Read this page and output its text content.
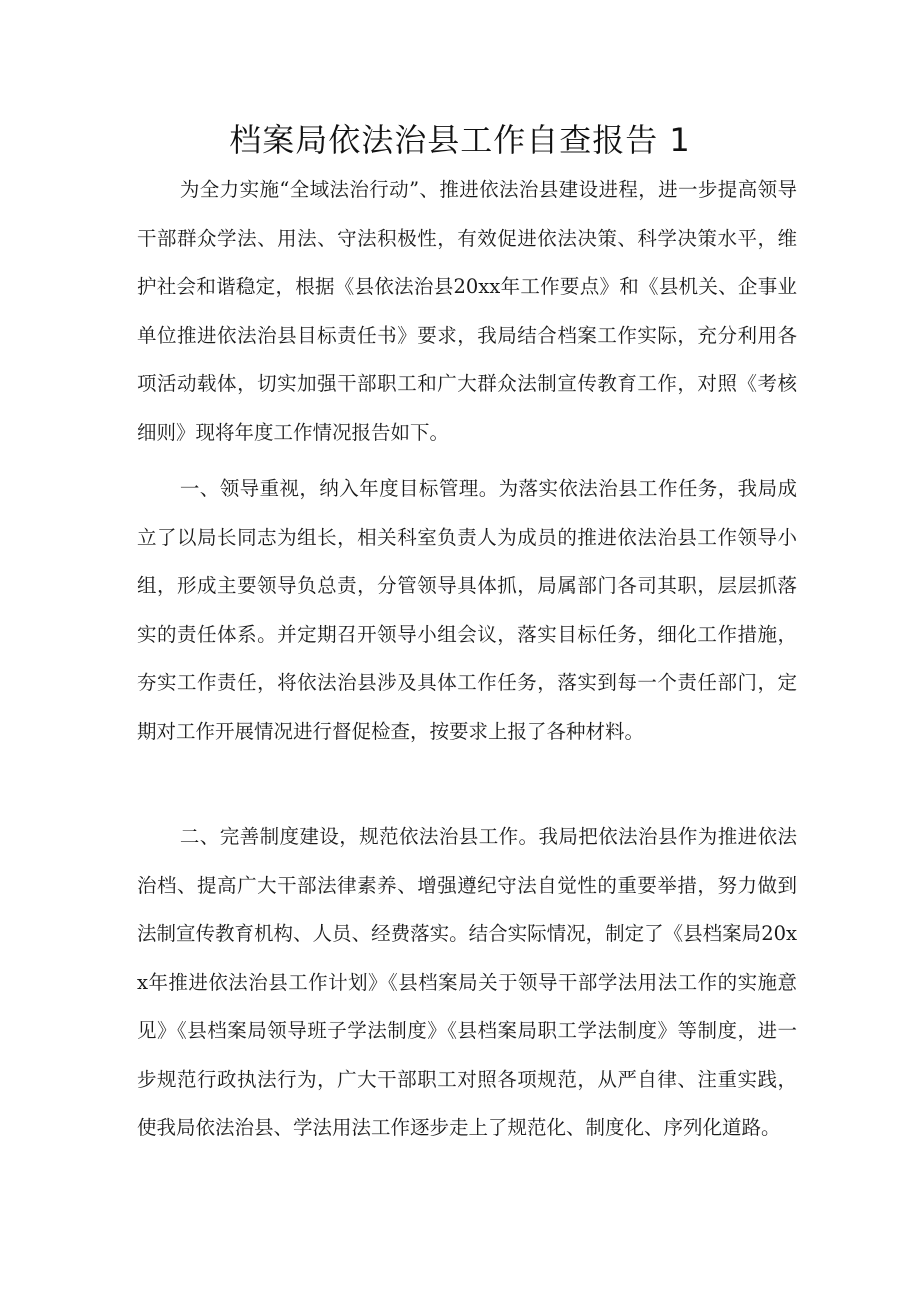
档案局依法治县工作自查报告 1

为全力实施“全域法治行动”、推进依法治县建设进程，进一步提高领导干部群众学法、用法、守法积极性，有效促进依法决策、科学决策水平，维护社会和谐稳定，根据《县依法治县20xx年工作要点》和《县机关、企事业单位推进依法治县目标责任书》要求，我局结合档案工作实际，充分利用各项活动载体，切实加强干部职工和广大群众法制宣传教育工作，对照《考核细则》现将年度工作情况报告如下。

一、领导重视，纳入年度目标管理。为落实依法治县工作任务，我局成立了以局长同志为组长，相关科室负责人为成员的推进依法治县工作领导小组，形成主要领导负总责，分管领导具体抓，局属部门各司其职，层层抓落实的责任体系。并定期召开领导小组会议，落实目标任务，细化工作措施，夯实工作责任，将依法治县涉及具体工作任务，落实到每一个责任部门，定期对工作开展情况进行督促检查，按要求上报了各种材料。

二、完善制度建设，规范依法治县工作。我局把依法治县作为推进依法治档、提高广大干部法律素养、增强遵纪守法自觉性的重要举措，努力做到法制宣传教育机构、人员、经费落实。结合实际情况，制定了《县档案局20xx年推进依法治县工作计划》《县档案局关于领导干部学法用法工作的实施意见》《县档案局领导班子学法制度》《县档案局职工学法制度》等制度，进一步规范行政执法行为，广大干部职工对照各项规范，从严自律、注重实践，使我局依法治县、学法用法工作逐步走上了规范化、制度化、序列化道路。
